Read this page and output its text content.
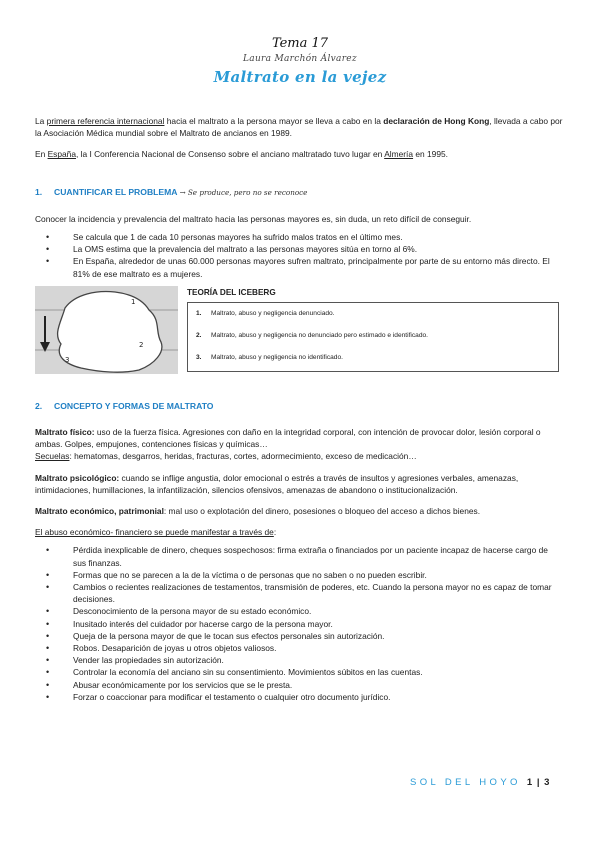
Tema 17
Laura Marchón Álvarez
Maltrato en la vejez

La primera referencia internacional hacia el maltrato a la persona mayor se lleva a cabo en la declaración de Hong Kong, llevada a cabo por la Asociación Médica mundial sobre el Maltrato de ancianos en 1989.

En España, la I Conferencia Nacional de Consenso sobre el anciano maltratado tuvo lugar en Almería en 1995.

1. CUANTIFICAR EL PROBLEMA → Se produce, pero no se reconoce

Conocer la incidencia y prevalencia del maltrato hacia las personas mayores es, sin duda, un reto difícil de conseguir.

• Se calcula que 1 de cada 10 personas mayores ha sufrido malos tratos en el último mes.
• La OMS estima que la prevalencia del maltrato a las personas mayores sitúa en torno al 6%.
• En España, alrededor de unas 60.000 personas mayores sufren maltrato, principalmente por parte de su entorno más directo. El 81% de ese maltrato es a mujeres.
1
2
3
TEORÍA DEL ICEBERG
1.	Maltrato, abuso y negligencia denunciado.
2.	Maltrato, abuso y negligencia no denunciado pero estimado e identificado.
3.	Maltrato, abuso y negligencia no identificado.
2. CONCEPTO Y FORMAS DE MALTRATO

Maltrato físico: uso de la fuerza física. Agresiones con daño en la integridad corporal, con intención de provocar dolor, lesión corporal o ambas. Golpes, empujones, contenciones físicas y químicas…
Secuelas: hematomas, desgarros, heridas, fracturas, cortes, adormecimiento, exceso de medicación…

Maltrato psicológico: cuando se inflige angustia, dolor emocional o estrés a través de insultos y agresiones verbales, amenazas, intimidaciones, humillaciones, la infantilización, silencios ofensivos, amenazas de abandono o institucionalización.

Maltrato económico, patrimonial: mal uso o explotación del dinero, posesiones o bloqueo del acceso a dichos bienes.

El abuso económico- financiero se puede manifestar a través de:

• Pérdida inexplicable de dinero, cheques sospechosos: firma extraña o financiados por un paciente incapaz de hacerse cargo de sus finanzas.
• Formas que no se parecen a la de la víctima o de personas que no saben o no pueden escribir.
• Cambios o recientes realizaciones de testamentos, transmisión de poderes, etc. Cuando la persona mayor no es capaz de tomar decisiones.
• Desconocimiento de la persona mayor de su estado económico.
• Inusitado interés del cuidador por hacerse cargo de la persona mayor.
• Queja de la persona mayor de que le tocan sus efectos personales sin autorización.
• Robos. Desaparición de joyas u otros objetos valiosos.
• Vender las propiedades sin autorización.
• Controlar la economía del anciano sin su consentimiento. Movimientos súbitos en las cuentas.
• Abusar económicamente por los servicios que se le presta.
• Forzar o coaccionar para modificar el testamento o cualquier otro documento jurídico.
SOL DEL HOYO 1 | 3
